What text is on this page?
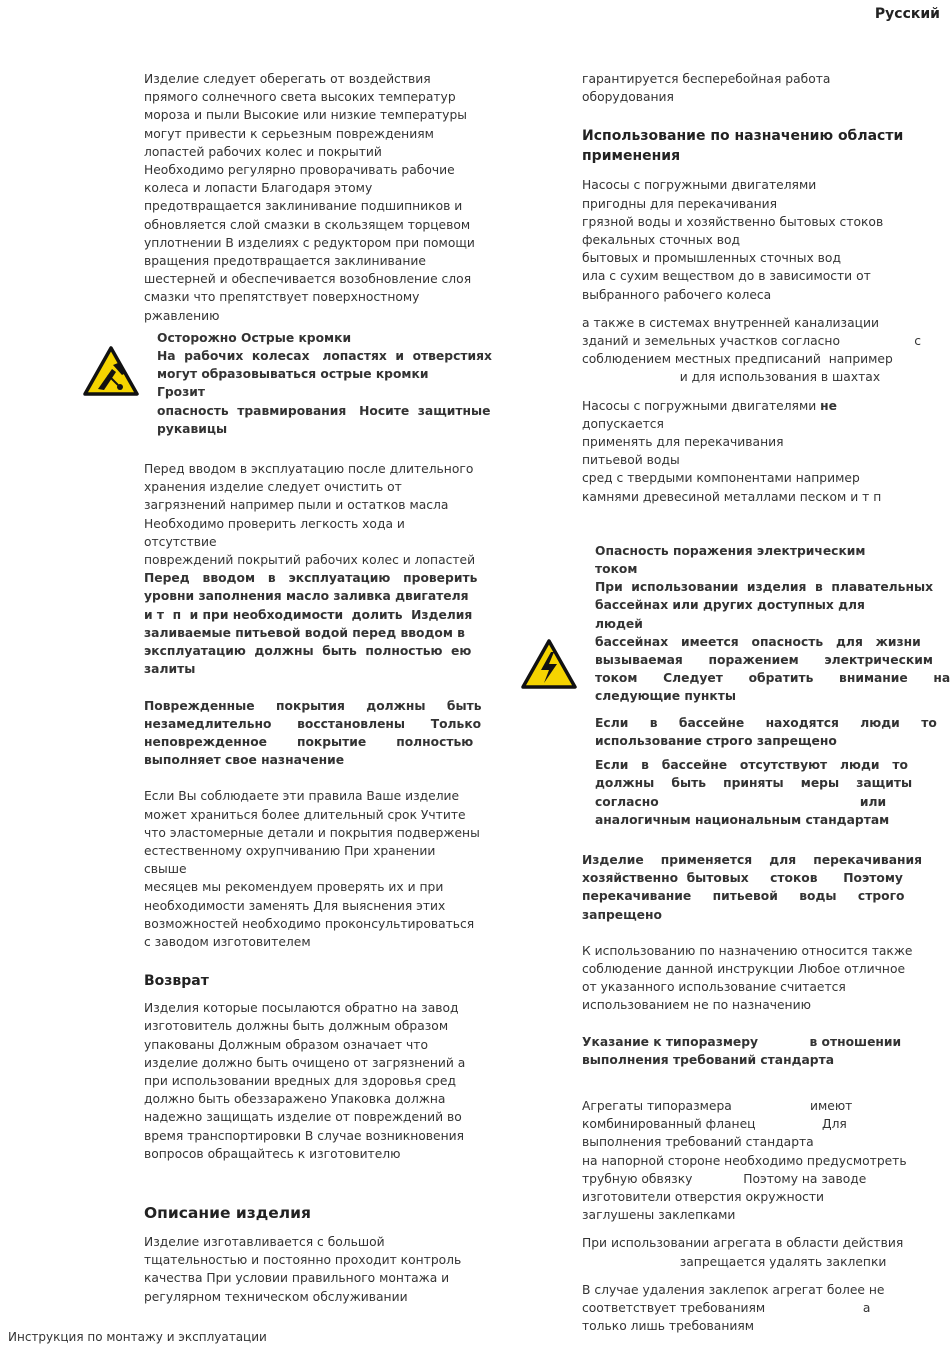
Русский

Изделие следует оберегать от воздействия
прямого солнечного света высоких температур
мороза и пыли Высокие или низкие температуры
могут привести к серьезным повреждениям
лопастей рабочих колес и покрытий
Необходимо регулярно проворачивать рабочие
колеса и лопасти Благодаря этому
предотвращается заклинивание подшипников и
обновляется слой смазки в скользящем торцевом
уплотнении В изделиях с редуктором при помощи
вращения предотвращается заклинивание
шестерней и обеспечивается возобновление слоя
смазки что препятствует поверхностному
ржавлению

Осторожно Острые кромки

На  рабочих  колесах   лопастях  и  отверстиях

могут образовываться острые кромки Грозит

опасность  травмирования   Носите  защитные

рукавицы

Перед вводом в эксплуатацию после длительного
хранения изделие следует очистить от
загрязнений например пыли и остатков масла
Необходимо проверить легкость хода и отсутствие
повреждений покрытий рабочих колес и лопастей

Перед   вводом   в   эксплуатацию   проверить

уровни заполнения масло заливка двигателя

и т  п  и при необходимости  долить  Изделия

заливаемые питьевой водой перед вводом в

эксплуатацию  должны  быть  полностью  ею

залиты

Поврежденные     покрытия     должны     быть

незамедлительно      восстановлены      Только

неповрежденное       покрытие       полностью

выполняет свое назначение

Если Вы соблюдаете эти правила Ваше изделие
может храниться более длительный срок Учтите
что эластомерные детали и покрытия подвержены
естественному охрупчиванию При хранении свыше
месяцев мы рекомендуем проверять их и при
необходимости заменять Для выяснения этих
возможностей необходимо проконсультироваться
с заводом изготовителем

Возврат

Изделия которые посылаются обратно на завод
изготовитель должны быть должным образом
упакованы Должным образом означает что
изделие должно быть очищено от загрязнений а
при использовании вредных для здоровья сред
должно быть обеззаражено Упаковка должна
надежно защищать изделие от повреждений во
время транспортировки В случае возникновения
вопросов обращайтесь к изготовителю

Описание изделия

Изделие изготавливается с большой
тщательностью и постоянно проходит контроль
качества При условии правильного монтажа и
регулярном техническом обслуживании

гарантируется бесперебойная работа
оборудования

Использование по назначению области
применения

Насосы с погружными двигателями
пригодны для перекачивания
грязной воды и хозяйственно бытовых стоков
фекальных сточных вод
бытовых и промышленных сточных вод
ила с сухим веществом до в зависимости от
выбранного рабочего колеса

а также в системах внутренней канализации
зданий и земельных участков согласно                   с
соблюдением местных предписаний  например
и для использования в шахтах

Насосы с погружными двигателями не допускается
применять для перекачивания
питьевой воды
сред с твердыми компонентами например
камнями древесиной металлами песком и т п

Опасность поражения электрическим током

При  использовании  изделия  в  плавательных

бассейнах или других доступных для людей

бассейнах   имеется   опасность   для   жизни

вызываемая      поражением      электрическим

током      Следует      обратить      внимание      на

следующие пункты

Если     в     бассейне     находятся     люди     то

использование строго запрещено

Если   в   бассейне   отсутствуют   люди   то

должны    быть    приняты    меры    защиты

согласно                                               или

аналогичным национальным стандартам

Изделие    применяется    для    перекачивания

хозяйственно  бытовых     стоков      Поэтому

перекачивание     питьевой     воды     строго

запрещено

К использованию по назначению относится также
соблюдение данной инструкции Любое отличное
от указанного использование считается
использованием не по назначению

Указание к типоразмеру            в отношении
выполнения требований стандарта

Агрегаты типоразмера                    имеют
комбинированный фланец                 Для
выполнения требований стандарта
на напорной стороне необходимо предусмотреть
трубную обвязку             Поэтому на заводе
изготовители отверстия окружности
заглушены заклепками

При использовании агрегата в области действия
запрещается удалять заклепки

В случае удаления заклепок агрегат более не
соответствует требованиям                         а
только лишь требованиям

Инструкция по монтажу и эксплуатации
